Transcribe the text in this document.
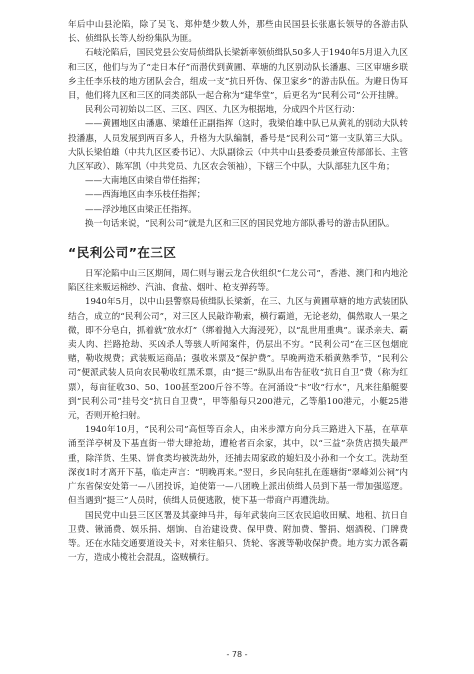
年后中山县沦陷，除了吴飞、郑仲楚少数人外，那些由民国县长张惠长领导的各游击队长、侦缉队长等人纷纷集队为匪。

石岐沦陷后，国民党县公安局侦缉队长梁新率领侦缉队50多人于1940年5月退入九区和三区，他们与为了“走日本仔”而潜伏到黄圃、草塘的九区别动队长潘惠、三区审塘乡联乡主任李乐枝的地方团队会合，组成一支“抗日歼伪、保卫家乡”的游击队伍。为避日伪耳目，他们将九区和三区的同类部队一起合称为“建华堂”，后更名为“民利公司”公开挂牌。

民利公司初始以二区、三区、四区、九区为根据地，分成四个片区行动：

——黄圃地区由潘惠、梁雄任正副指挥（这时，我梁伯雄中队已从黄礼的别动大队转投潘惠，人员发展到两百多人，升格为大队编制，番号是“民利公司”第一支队第三大队。大队长梁伯雄（中共九区区委书记）、大队副徐云（中共中山县委委员兼宣传部部长、主管九区军政）、陈军凯（中共党员、九区农会领袖），下辖三个中队，大队部驻九区牛角；

——大南地区由梁自带任指挥；

——西海地区由李乐枝任指挥；

——浮沙地区由梁正任指挥。

换一句话来说，“民利公司”就是九区和三区的国民党地方部队番号的游击队团队。

“民利公司”在三区

日军沦陷中山三区期间，周仁则与谢云龙合伙组织“仁龙公司”，香港、澳门和内地沦陷区往来贩运棉纱、汽油、食盐、烟叶、枪支弹药等。

1940年5月，以中山县警察局侦缉队长梁新，在三、九区与黄圃草塘的地方武装团队结合，成立的“民利公司”，对三区人民敲诈勒索，横行霸道，无论老幼，偶然取人一果之微，即不分皂白，抓着就“放水灯”（绑着抛入大海浸死），以“乱世用重典”。谋杀亲夫、霸卖人肉、拦路抢劫、买凶杀人等骇人听闻案件，仍层出不穷。“民利公司”在三区包烟庇赌，勒收规费；武装贩运商品；强收米票及“保护费”。早晚两造禾稻黄熟季节，“民利公司”便派武装人员向农民勒收红黑禾票，由“挺三”纵队出布告征收“抗日自卫”费（称为红票），每亩征收30、50、100甚至200斤谷不等。在河涌设“卡”收“行水”，凡来往船艇要到“民利公司”挂号交“抗日自卫费”，甲等船每只200港元，乙等船100港元，小艇25港元，否则开枪扫射。

1940年10月，“民利公司”高恒等百余人，由米步潭方向分兵三路进入下基，在草草涌至洋亭树及下基直街一带大肆抢劫，遭枪者百余家，其中，以“三益”杂货店损失最严重，除洋货、生果、饼食类均被洗劫外，还捕去周家政的媳妇及小孙和一个女工。洗劫至深夜1时才离开下基，临走声言：“明晚再来。”翌日，乡民向驻扎在莲塘街“翠峰刘公祠”内广东省保安处第一—八团投诉，迫使第一—八团晚上派出侦缉人员到下基一带加强巡逻。但当遇到“挺三”人员时，侦缉人员便逃散，使下基一带商户再遭洗劫。

国民党中山县三区区署及其豪绅马井，每年武装向三区农民追收田赋、地租、抗日自卫费、锹涌费、娱乐捐、烟饷、自治建设费、保甲费、附加费、警捐、烟酒税、门牌费等。还在水陆交通要道设关卡，对来往船只、货轮、客渡等勒收保护费。地方实力派各霸一方，造成小榄社会混乱，盗贼横行。

- 78 -
